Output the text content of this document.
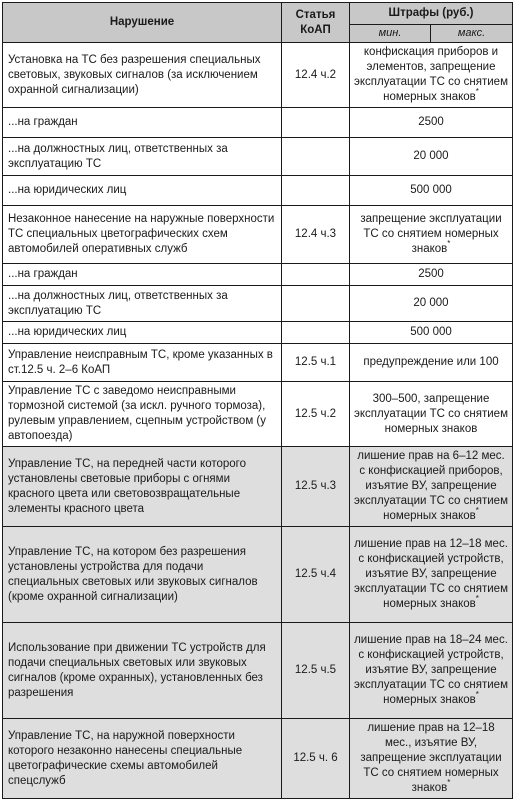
Нарушение	Статья КоАП	Штрафы (руб.)	
		мин.	макс.
Установка на ТС без разрешения специальных световых, звуковых сигналов (за исключением охранной сигнализации)	12.4 ч.2	конфискация приборов и элементов, запрещение эксплуатации ТС со снятием номерных знаков*
...на граждан		2500	
...на должностных лиц, ответственных за эксплуатацию ТС		20 000	
...на юридических лиц		500 000	
Незаконное нанесение на наружные поверхности ТС специальных цветографических схем автомобилей оперативных служб	12.4 ч.3	запрещение эксплуатации ТС со снятием номерных знаков*
...на граждан		2500	
...на должностных лиц, ответственных за эксплуатацию ТС		20 000	
...на юридических лиц		500 000	
Управление неисправным ТС, кроме указанных в ст.12.5 ч. 2–6 КоАП	12.5 ч.1	предупреждение или 100	
Управление ТС с заведомо неисправными тормозной системой (за искл. ручного тормоза), рулевым управлением, сцепным устройством (у автопоезда)	12.5 ч.2	300–500, запрещение эксплуатации ТС со снятием номерных знаков	
Управление ТС, на передней части которого установлены световые приборы с огнями красного цвета или световозвращательные элементы красного цвета	12.5 ч.3	лишение прав на 6–12 мес. с конфискацией приборов, изъятие ВУ, запрещение эксплуатации ТС со снятием номерных знаков*
Управление ТС, на котором без разрешения установлены устройства для подачи специальных световых или звуковых сигналов (кроме охранной сигнализации)	12.5 ч.4	лишение прав на 12–18 мес. с конфискацией устройств, изъятие ВУ, запрещение эксплуатации ТС со снятием номерных знаков*
Использование при движении ТС устройств для подачи специальных световых или звуковых сигналов (кроме охранных), установленных без разрешения	12.5 ч.5	лишение прав на 18–24 мес. с конфискацией устройств, изъятие ВУ, запрещение эксплуатации ТС со снятием номерных знаков*
Управление ТС, на наружной поверхности которого незаконно нанесены специальные цветографические схемы автомобилей спецслужб	12.5 ч. 6	лишение прав на 12–18 мес., изъятие ВУ, запрещение эксплуатации ТС со снятием номерных знаков*
